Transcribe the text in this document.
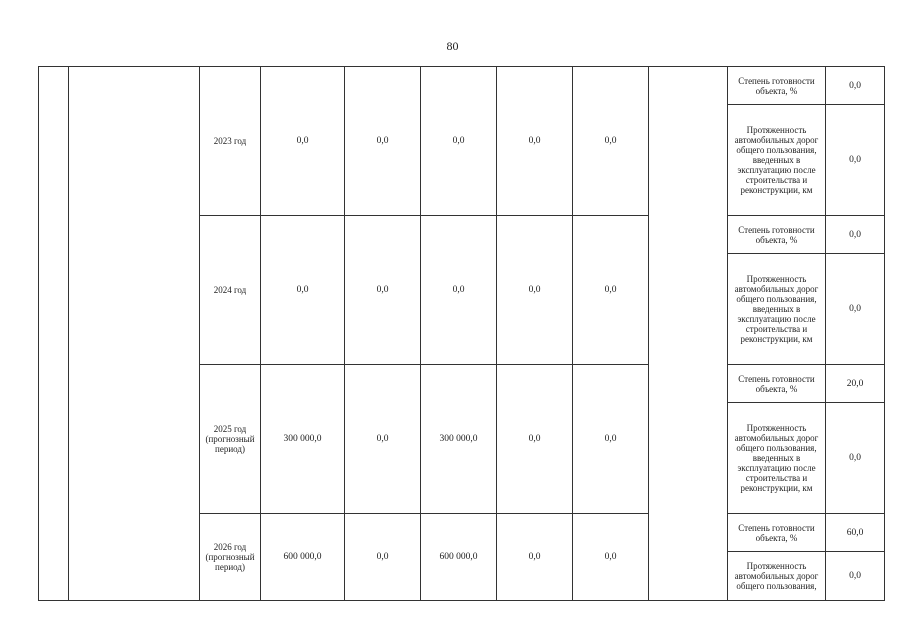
80
		2023 год	0,0	0,0	0,0	0,0	0,0		Степень готовности объекта, %	0,0
									Протяженность автомобильных дорог общего пользования, введенных в эксплуатацию после строительства и реконструкции, км	0,0
		2024 год	0,0	0,0	0,0	0,0	0,0		Степень готовности объекта, %	0,0
									Протяженность автомобильных дорог общего пользования, введенных в эксплуатацию после строительства и реконструкции, км	0,0
		2025 год (прогнозный период)	300 000,0	0,0	300 000,0	0,0	0,0		Степень готовности объекта, %	20,0
									Протяженность автомобильных дорог общего пользования, введенных в эксплуатацию после строительства и реконструкции, км	0,0
		2026 год (прогнозный период)	600 000,0	0,0	600 000,0	0,0	0,0		Степень готовности объекта, %	60,0
									Протяженность автомобильных дорог общего пользования,	0,0
